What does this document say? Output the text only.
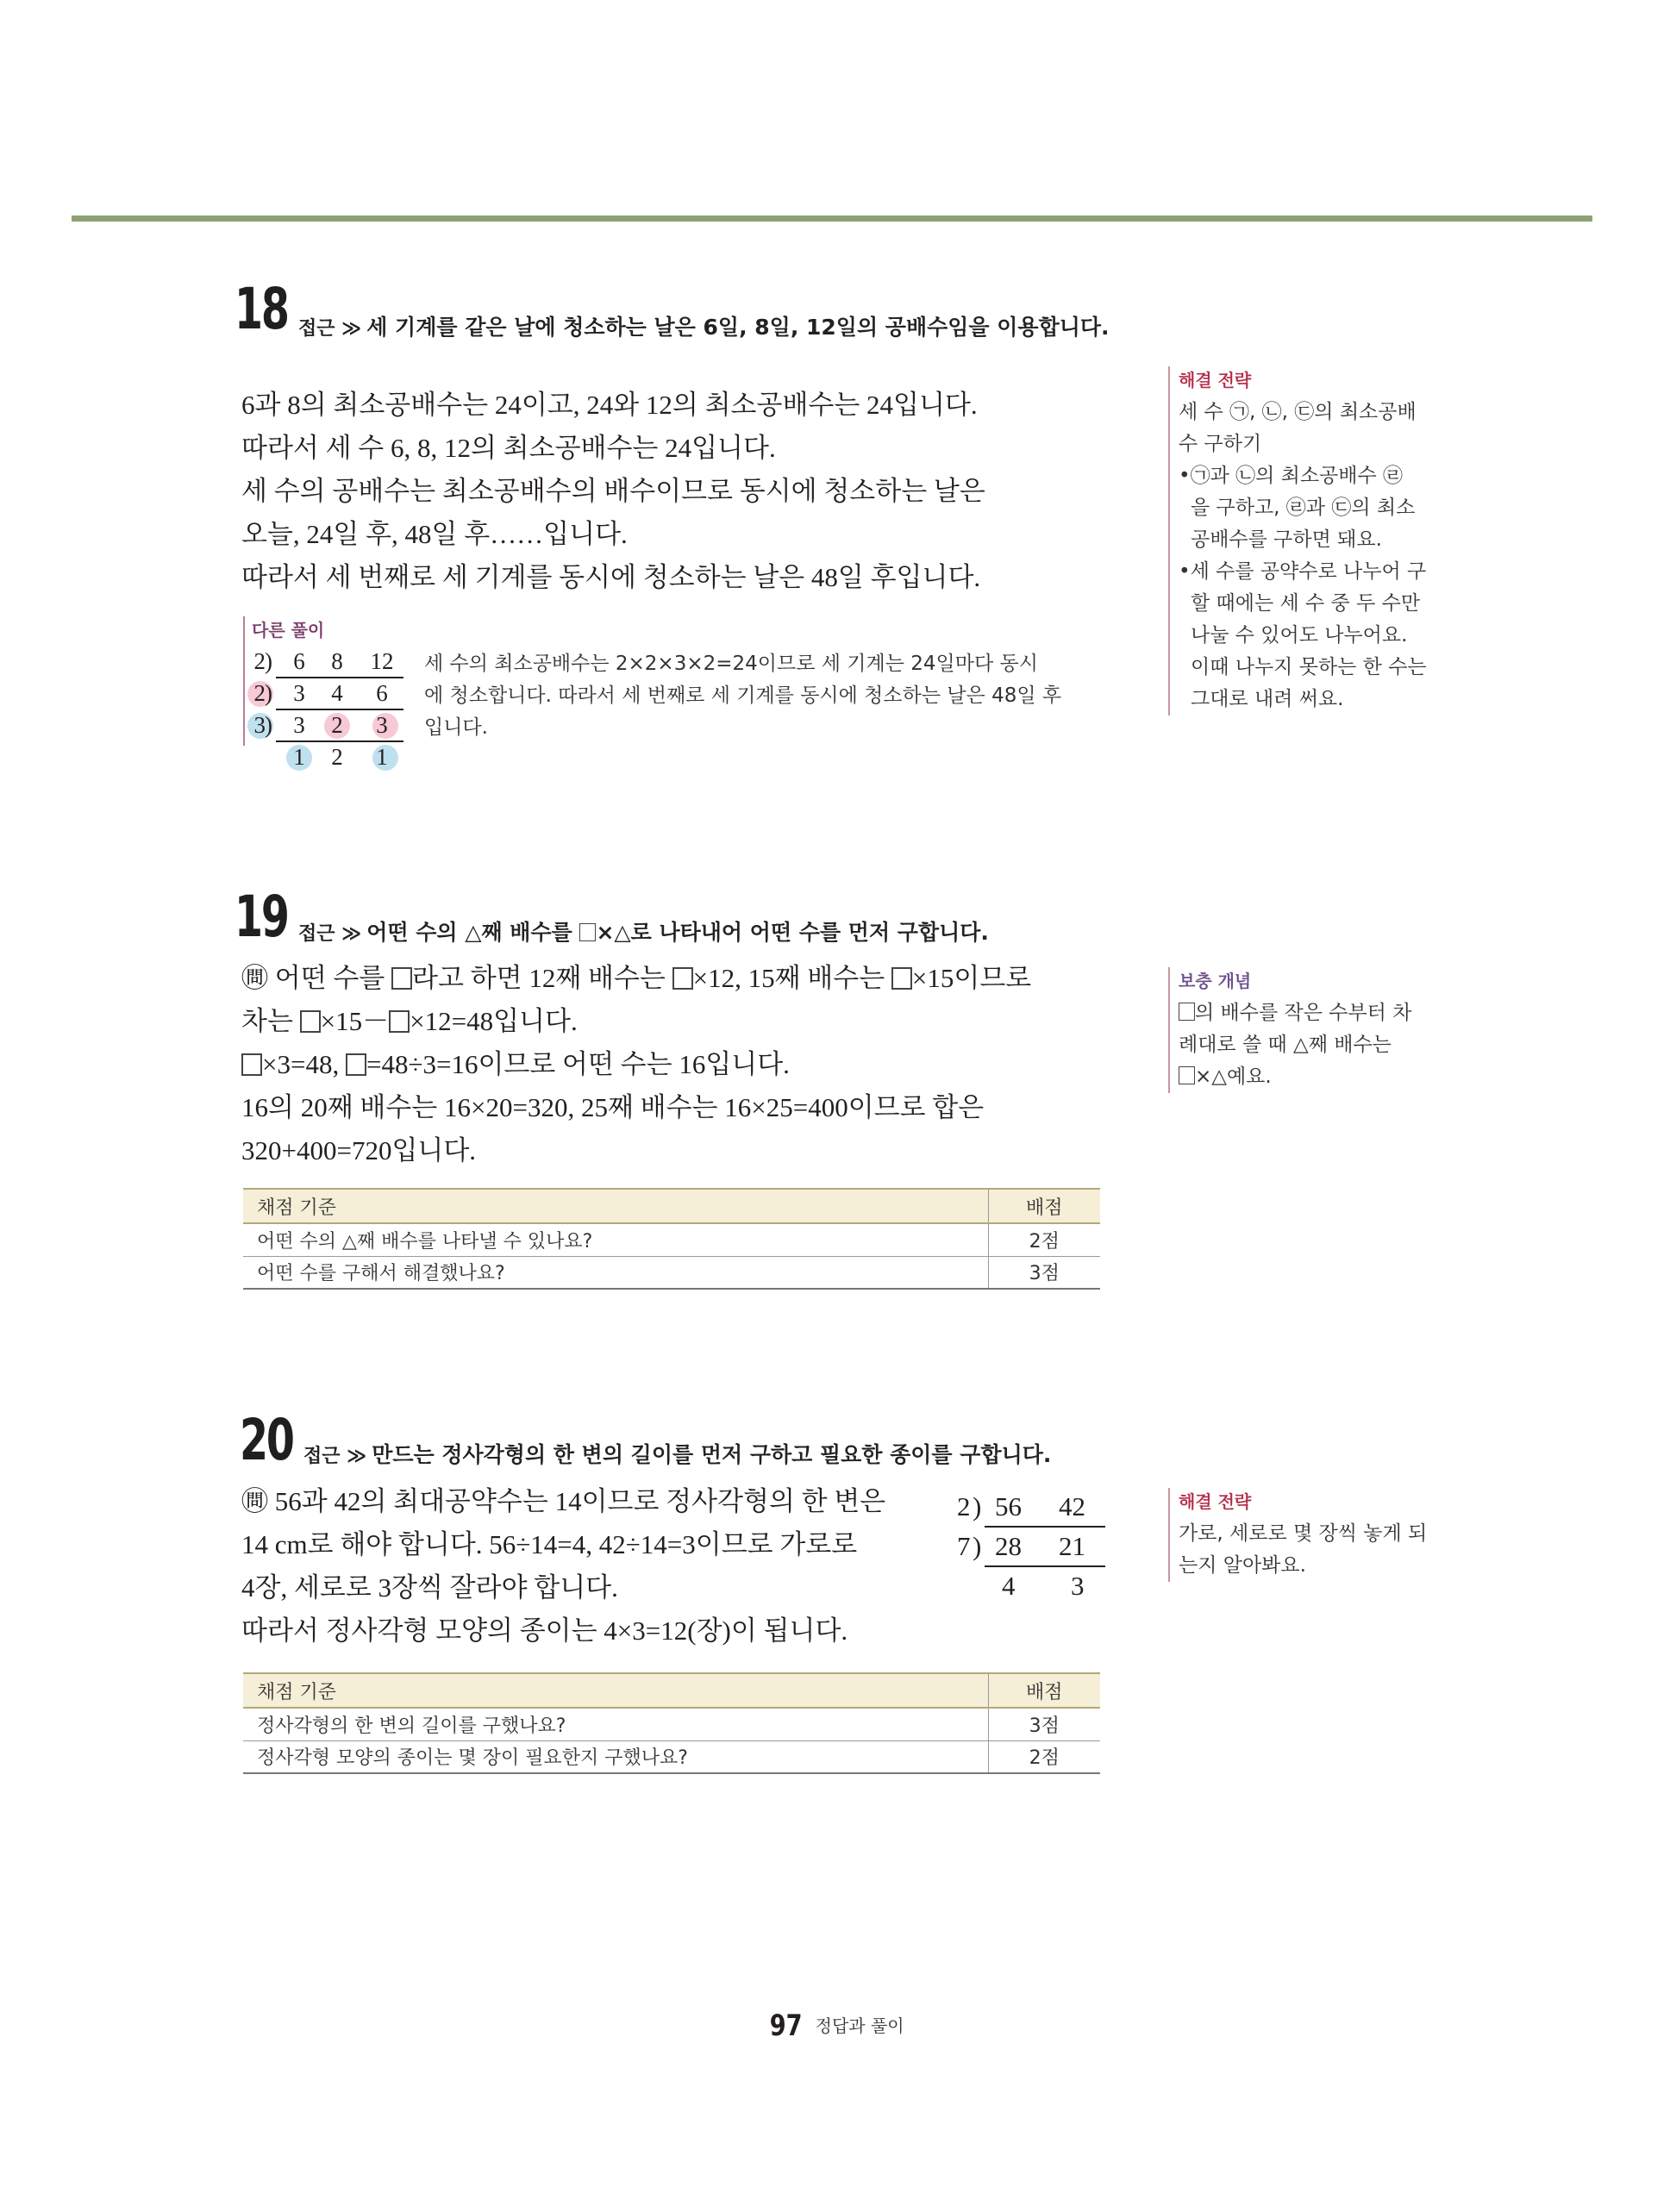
18 접근 ≫ 세 기계를 같은 날에 청소하는 날은 6일, 8일, 12일의 공배수임을 이용합니다.
6과 8의 최소공배수는 24이고, 24와 12의 최소공배수는 24입니다.
따라서 세 수 6, 8, 12의 최소공배수는 24입니다.
세 수의 공배수는 최소공배수의 배수이므로 동시에 청소하는 날은
오늘, 24일 후, 48일 후……입니다.
따라서 세 번째로 세 기계를 동시에 청소하는 날은 48일 후입니다.
다른 풀이
2 ) 6	8	12
2 ) 3	4	6
3 ) 3	2	3
1	2	1
세 수의 최소공배수는 2×2×3×2=24이므로 세 기계는 24일마다 동시
에 청소합니다. 따라서 세 번째로 세 기계를 동시에 청소하는 날은 48일 후
입니다.
해결 전략
세 수 ㉠, ㉡, ㉢의 최소공배
수 구하기
•㉠과 ㉡의 최소공배수 ㉣
을 구하고, ㉣과 ㉢의 최소
공배수를 구하면 돼요.
•세 수를 공약수로 나누어 구
할 때에는 세 수 중 두 수만
나눌 수 있어도 나누어요.
이때 나누지 못하는 한 수는
그대로 내려 써요.
19 접근 ≫ 어떤 수의 △째 배수를 ×△로 나타내어 어떤 수를 먼저 구합니다.
㉄ 어떤 수를 라고 하면 12째 배수는 ×12, 15째 배수는 ×15이므로
차는 ×15－ ×12=48입니다.
×3=48, =48÷3=16이므로 어떤 수는 16입니다.
16의 20째 배수는 16×20=320, 25째 배수는 16×25=400이므로 합은
320+400=720입니다.
보충 개념
의 배수를 작은 수부터 차
례대로 쓸 때 △째 배수는
×△예요.
채점 기준	배점
어떤 수의 △째 배수를 나타낼 수 있나요?	2점
어떤 수를 구해서 해결했나요?	3점
20 접근 ≫ 만드는 정사각형의 한 변의 길이를 먼저 구하고 필요한 종이를 구합니다.
㉄ 56과 42의 최대공약수는 14이므로 정사각형의 한 변은
14 cm로 해야 합니다. 56÷14=4, 42÷14=3이므로 가로로
4장, 세로로 3장씩 잘라야 합니다.
따라서 정사각형 모양의 종이는 4×3=12(장)이 됩니다.
2 ) 56 42
7 ) 28 21
4 3
해결 전략
가로, 세로로 몇 장씩 놓게 되
는지 알아봐요.
채점 기준	배점
정사각형의 한 변의 길이를 구했나요?	3점
정사각형 모양의 종이는 몇 장이 필요한지 구했나요?	2점
97 정답과 풀이
